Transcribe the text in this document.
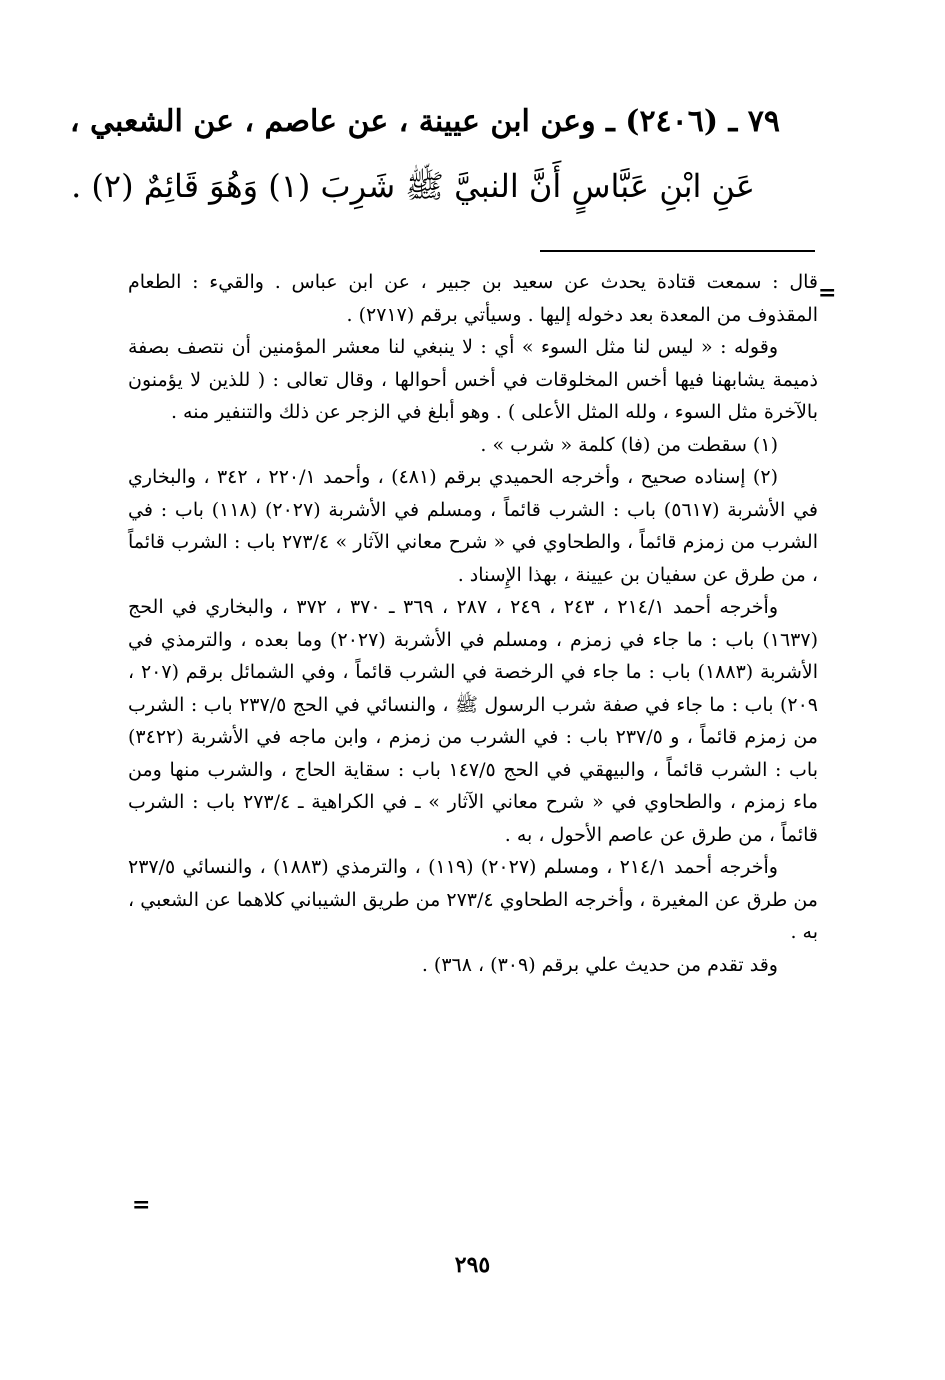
٧٩ ـ (٢٤٠٦) ـ وعن ابن عيينة ، عن عاصم ، عن الشعبي ،
عَنِ ابْنِ عَبَّاسٍ أَنَّ النبيَّ ﷺ شَرِبَ (١) وَهُوَ قَائِمٌ (٢) .
=

قال : سمعت قتادة يحدث عن سعيد بن جبير ، عن ابن عباس . والقيء : الطعام المقذوف من المعدة بعد دخوله إليها . وسيأتي برقم (٢٧١٧) .

وقوله : « ليس لنا مثل السوء » أي : لا ينبغي لنا معشر المؤمنين أن نتصف بصفة ذميمة يشابهنا فيها أخس المخلوقات في أخس أحوالها ، وقال تعالى : ( للذين لا يؤمنون بالآخرة مثل السوء ، ولله المثل الأعلى ) . وهو أبلغ في الزجر عن ذلك والتنفير منه .

(١) سقطت من (فا) كلمة « شرب » .

(٢) إسناده صحيح ، وأخرجه الحميدي برقم (٤٨١) ، وأحمد ٢٢٠/١ ، ٣٤٢ ، والبخاري في الأشربة (٥٦١٧) باب : الشرب قائماً ، ومسلم في الأشربة (٢٠٢٧) (١١٨) باب : في الشرب من زمزم قائماً ، والطحاوي في « شرح معاني الآثار » ٢٧٣/٤ باب : الشرب قائماً ، من طرق عن سفيان بن عيينة ، بهذا الإِسناد .

وأخرجه أحمد ٢١٤/١ ، ٢٤٣ ، ٢٤٩ ، ٢٨٧ ، ٣٦٩ ـ ٣٧٠ ، ٣٧٢ ، والبخاري في الحج (١٦٣٧) باب : ما جاء في زمزم ، ومسلم في الأشربة (٢٠٢٧) وما بعده ، والترمذي في الأشربة (١٨٨٣) باب : ما جاء في الرخصة في الشرب قائماً ، وفي الشمائل برقم (٢٠٧ ، ٢٠٩) باب : ما جاء في صفة شرب الرسول ﷺ ، والنسائي في الحج ٢٣٧/٥ باب : الشرب من زمزم قائماً ، و ٢٣٧/٥ باب : في الشرب من زمزم ، وابن ماجه في الأشربة (٣٤٢٢) باب : الشرب قائماً ، والبيهقي في الحج ١٤٧/٥ باب : سقاية الحاج ، والشرب منها ومن ماء زمزم ، والطحاوي في « شرح معاني الآثار » ـ في الكراهية ـ ٢٧٣/٤ باب : الشرب قائماً ، من طرق عن عاصم الأحول ، به .

وأخرجه أحمد ٢١٤/١ ، ومسلم (٢٠٢٧) (١١٩) ، والترمذي (١٨٨٣) ، والنسائي ٢٣٧/٥ من طرق عن المغيرة ، وأخرجه الطحاوي ٢٧٣/٤ من طريق الشيباني كلاهما عن الشعبي ، به .

وقد تقدم من حديث علي برقم (٣٠٩) ، ٣٦٨) .

=
٢٩٥
